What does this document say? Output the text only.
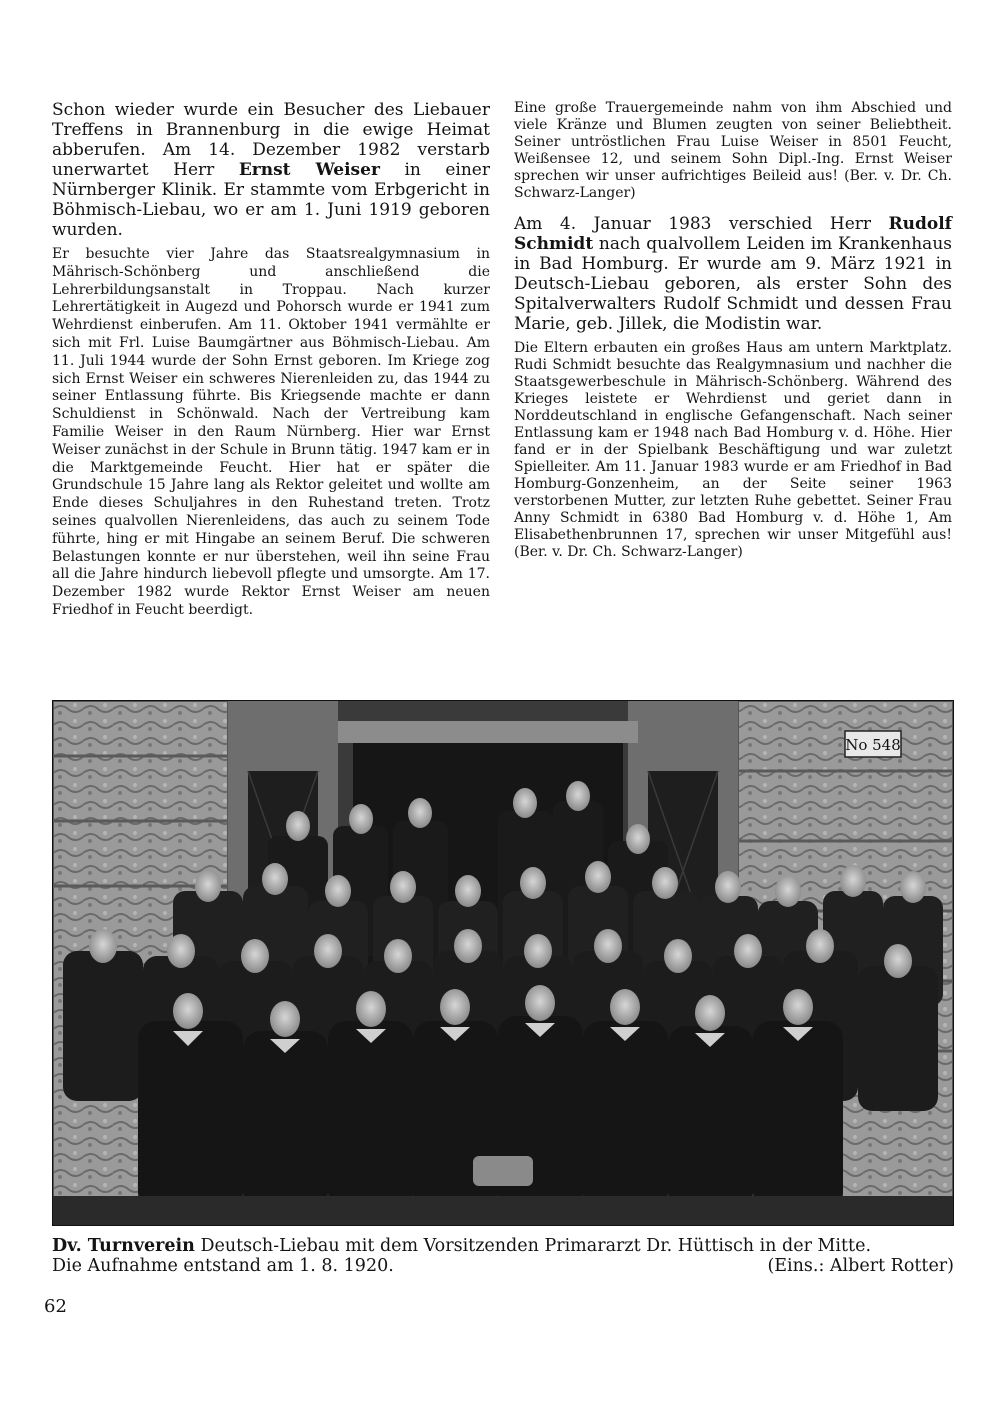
Schon wieder wurde ein Besucher des Liebauer Treffens in Brannenburg in die ewige Heimat abberufen. Am 14. Dezember 1982 verstarb unerwartet Herr Ernst Weiser in einer Nürnberger Klinik. Er stammte vom Erbgericht in Böhmisch-Liebau, wo er am 1. Juni 1919 geboren wurden.

Er besuchte vier Jahre das Staatsrealgymnasium in Mährisch-Schönberg und anschließend die Lehrerbildungsanstalt in Troppau. Nach kurzer Lehrertätigkeit in Augezd und Pohorsch wurde er 1941 zum Wehrdienst einberufen. Am 11. Oktober 1941 vermählte er sich mit Frl. Luise Baumgärtner aus Böhmisch-Liebau. Am 11. Juli 1944 wurde der Sohn Ernst geboren. Im Kriege zog sich Ernst Weiser ein schweres Nierenleiden zu, das 1944 zu seiner Entlassung führte. Bis Kriegsende machte er dann Schuldienst in Schönwald. Nach der Vertreibung kam Familie Weiser in den Raum Nürnberg. Hier war Ernst Weiser zunächst in der Schule in Brunn tätig. 1947 kam er in die Marktgemeinde Feucht. Hier hat er später die Grundschule 15 Jahre lang als Rektor geleitet und wollte am Ende dieses Schuljahres in den Ruhestand treten. Trotz seines qualvollen Nierenleidens, das auch zu seinem Tode führte, hing er mit Hingabe an seinem Beruf. Die schweren Belastungen konnte er nur überstehen, weil ihn seine Frau all die Jahre hindurch liebevoll pflegte und umsorgte. Am 17. Dezember 1982 wurde Rektor Ernst Weiser am neuen Friedhof in Feucht beerdigt.

Eine große Trauergemeinde nahm von ihm Abschied und viele Kränze und Blumen zeugten von seiner Beliebtheit. Seiner untröstlichen Frau Luise Weiser in 8501 Feucht, Weißensee 12, und seinem Sohn Dipl.-Ing. Ernst Weiser sprechen wir unser aufrichtiges Beileid aus! (Ber. v. Dr. Ch. Schwarz-Langer)

Am 4. Januar 1983 verschied Herr Rudolf Schmidt nach qualvollem Leiden im Krankenhaus in Bad Homburg. Er wurde am 9. März 1921 in Deutsch-Liebau geboren, als erster Sohn des Spitalverwalters Rudolf Schmidt und dessen Frau Marie, geb. Jillek, die Modistin war.

Die Eltern erbauten ein großes Haus am untern Marktplatz. Rudi Schmidt besuchte das Realgymnasium und nachher die Staatsgewerbeschule in Mährisch-Schönberg. Während des Krieges leistete er Wehrdienst und geriet dann in Norddeutschland in englische Gefangenschaft. Nach seiner Entlassung kam er 1948 nach Bad Homburg v. d. Höhe. Hier fand er in der Spielbank Beschäftigung und war zuletzt Spielleiter. Am 11. Januar 1983 wurde er am Friedhof in Bad Homburg-Gonzenheim, an der Seite seiner 1963 verstorbenen Mutter, zur letzten Ruhe gebettet. Seiner Frau Anny Schmidt in 6380 Bad Homburg v. d. Höhe 1, Am Elisabethenbrunnen 17, sprechen wir unser Mitgefühl aus! (Ber. v. Dr. Ch. Schwarz-Langer)

No 548
Dv. Turnverein Deutsch-Liebau mit dem Vorsitzenden Primararzt Dr. Hüttisch in der Mitte.
Die Aufnahme entstand am 1. 8. 1920.	(Eins.: Albert Rotter)
62
